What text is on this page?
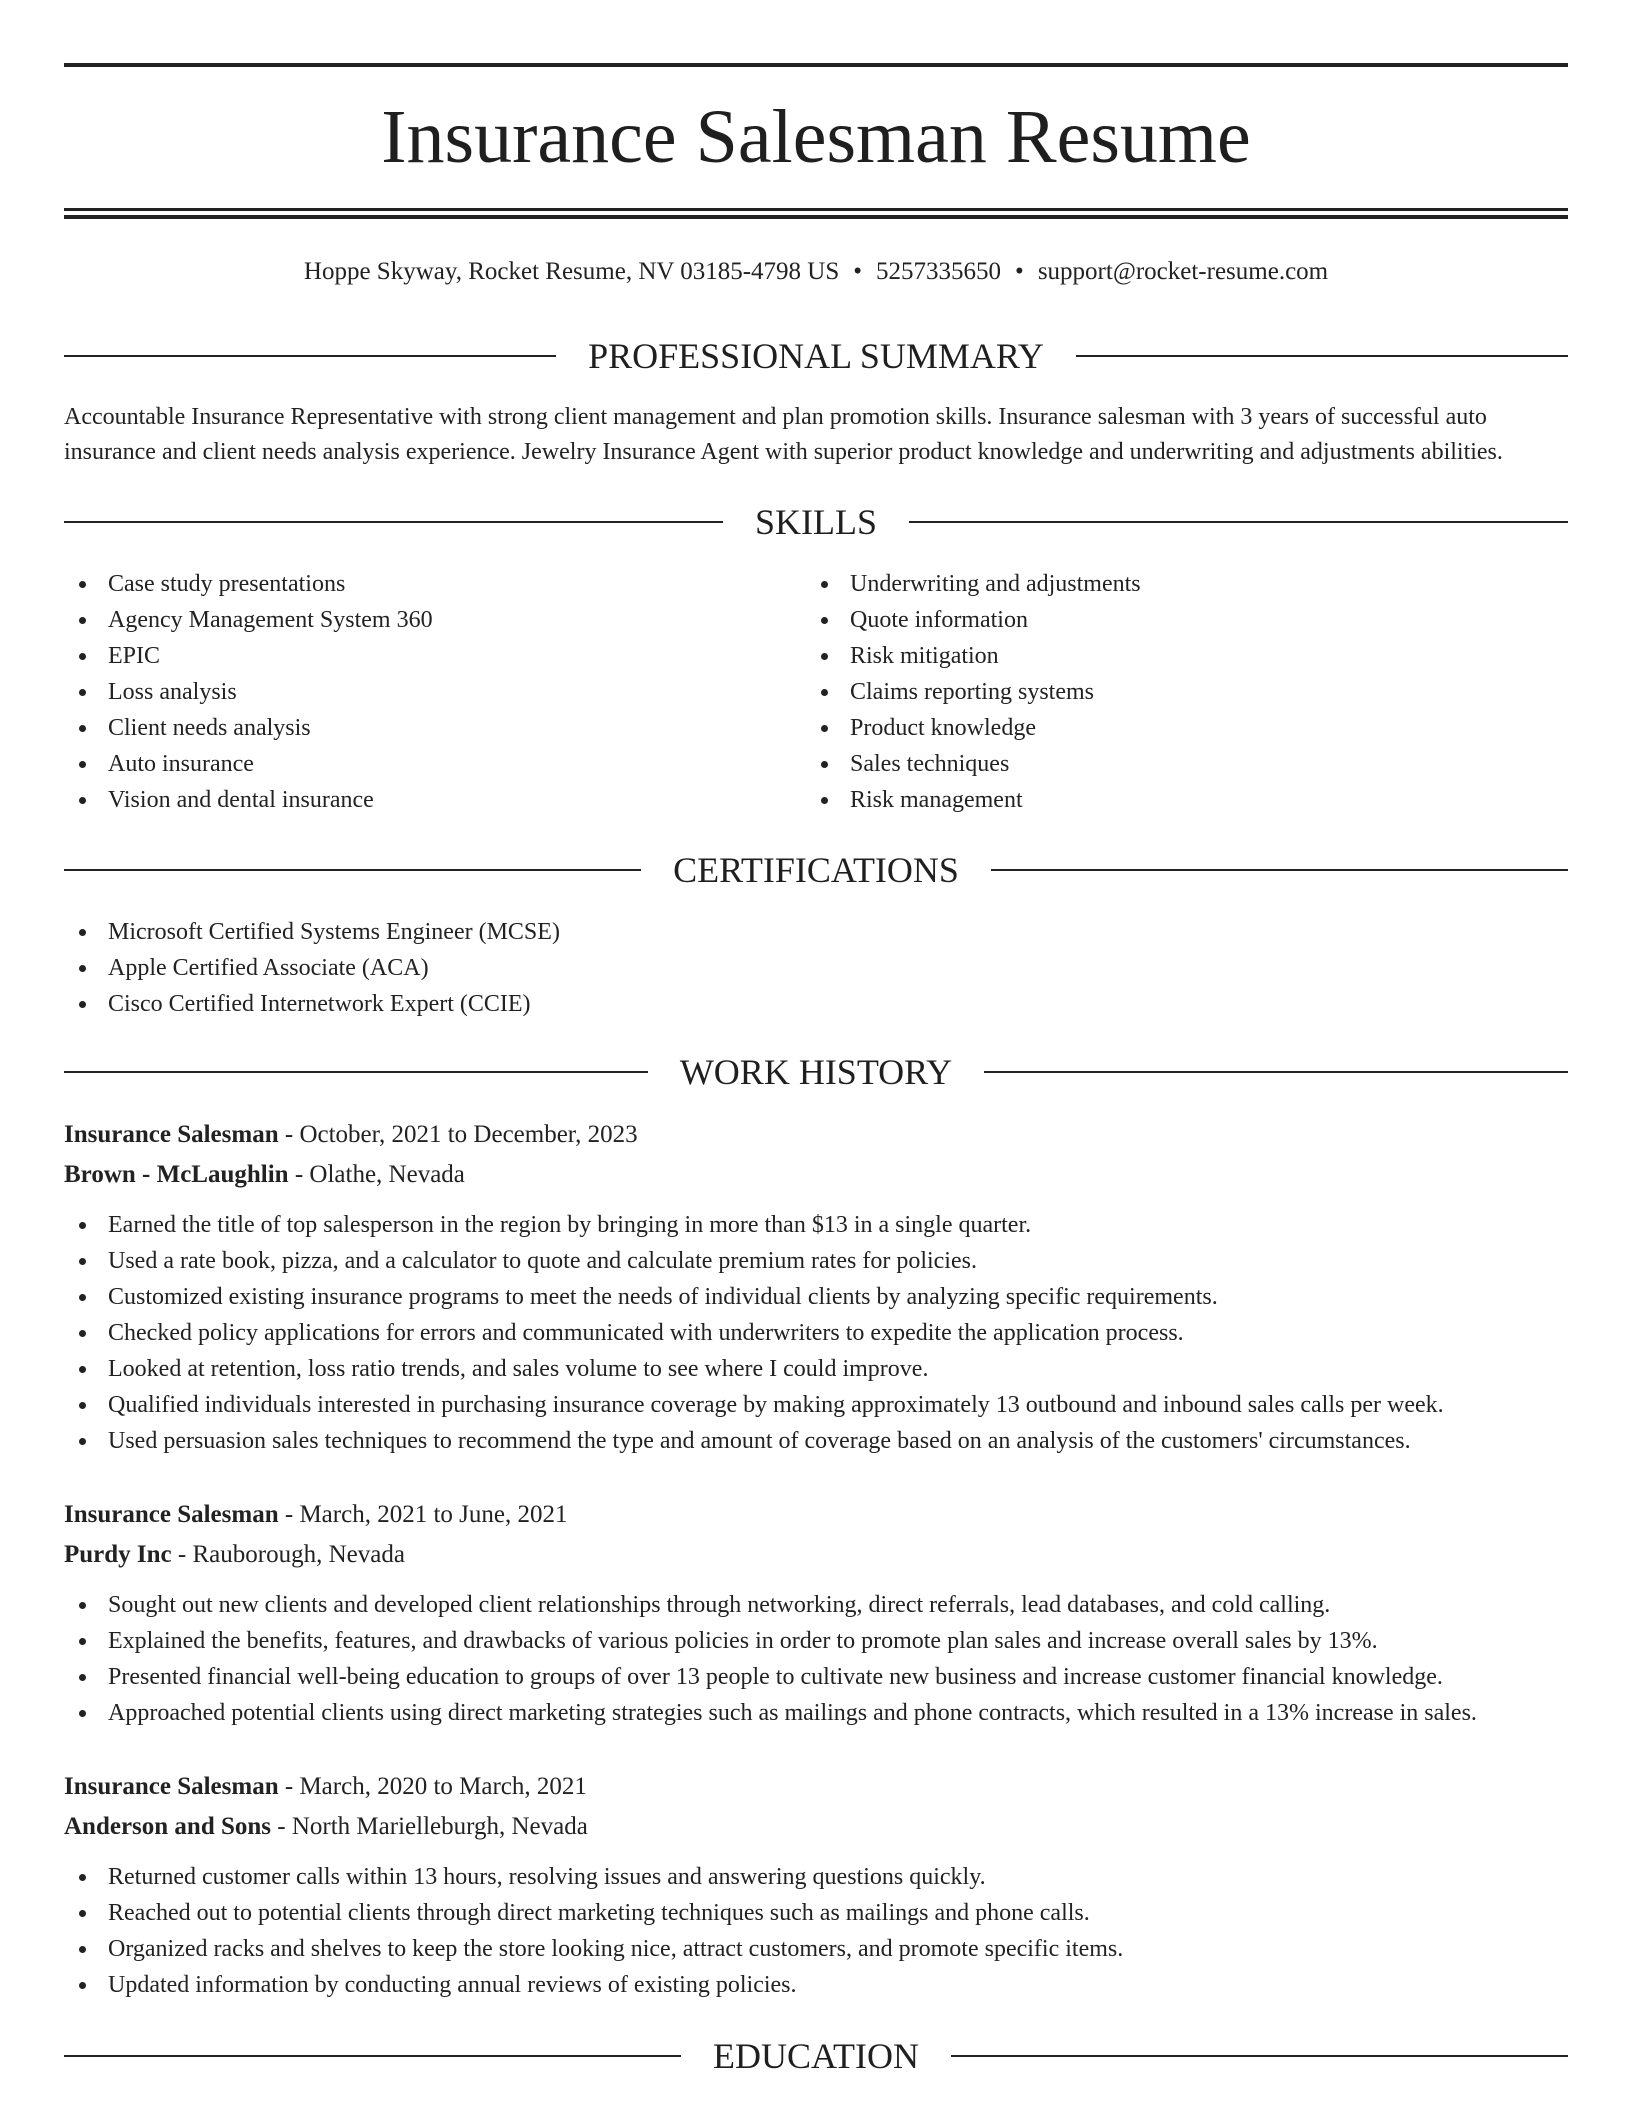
Insurance Salesman Resume
Hoppe Skyway, Rocket Resume, NV 03185-4798 US • 5257335650 • support@rocket-resume.com
PROFESSIONAL SUMMARY

Accountable Insurance Representative with strong client management and plan promotion skills. Insurance salesman with 3 years of successful auto insurance and client needs analysis experience. Jewelry Insurance Agent with superior product knowledge and underwriting and adjustments abilities.

SKILLS
Case study presentations
Agency Management System 360
EPIC
Loss analysis
Client needs analysis
Auto insurance
Vision and dental insurance
Underwriting and adjustments
Quote information
Risk mitigation
Claims reporting systems
Product knowledge
Sales techniques
Risk management
CERTIFICATIONS
Microsoft Certified Systems Engineer (MCSE)
Apple Certified Associate (ACA)
Cisco Certified Internetwork Expert (CCIE)
WORK HISTORY
Insurance Salesman - October, 2021 to December, 2023
Brown - McLaughlin - Olathe, Nevada
Earned the title of top salesperson in the region by bringing in more than $13 in a single quarter.
Used a rate book, pizza, and a calculator to quote and calculate premium rates for policies.
Customized existing insurance programs to meet the needs of individual clients by analyzing specific requirements.
Checked policy applications for errors and communicated with underwriters to expedite the application process.
Looked at retention, loss ratio trends, and sales volume to see where I could improve.
Qualified individuals interested in purchasing insurance coverage by making approximately 13 outbound and inbound sales calls per week.
Used persuasion sales techniques to recommend the type and amount of coverage based on an analysis of the customers' circumstances.
Insurance Salesman - March, 2021 to June, 2021
Purdy Inc - Rauborough, Nevada
Sought out new clients and developed client relationships through networking, direct referrals, lead databases, and cold calling.
Explained the benefits, features, and drawbacks of various policies in order to promote plan sales and increase overall sales by 13%.
Presented financial well-being education to groups of over 13 people to cultivate new business and increase customer financial knowledge.
Approached potential clients using direct marketing strategies such as mailings and phone contracts, which resulted in a 13% increase in sales.
Insurance Salesman - March, 2020 to March, 2021
Anderson and Sons - North Marielleburgh, Nevada
Returned customer calls within 13 hours, resolving issues and answering questions quickly.
Reached out to potential clients through direct marketing techniques such as mailings and phone calls.
Organized racks and shelves to keep the store looking nice, attract customers, and promote specific items.
Updated information by conducting annual reviews of existing policies.
EDUCATION
